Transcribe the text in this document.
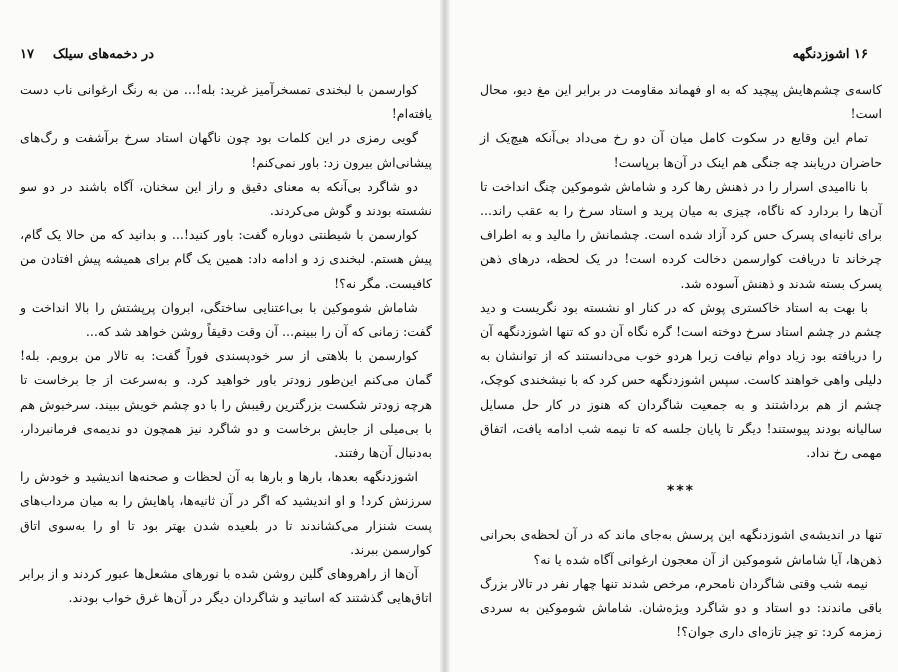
در دخمه‌های سیلک
۱۷

کوارسمن با لبخندی تمسخرآمیز غرید: بله!... من به رنگ ارغوانی ناب دست یافته‌ام!

گویی رمزی در این کلمات بود چون ناگهان استاد سرخ برآشفت و رگ‌های پیشانی‌اش بیرون زد: باور نمی‌کنم!

دو شاگرد بی‌آنکه به معنای دقیق و راز این سخنان، آگاه باشند در دو سو نشسته بودند و گوش می‌کردند.

کوارسمن با شیطنتی دوباره گفت: باور کنید!... و بدانید که من حالا یک گام، پیش هستم. لبخندی زد و ادامه داد: همین یک گام برای همیشه پیش افتادن من کافیست. مگر نه؟!

شاماش شوموکین با بی‌اعتنایی ساختگی، ابروان پرپشتش را بالا انداخت و گفت: زمانی که آن را ببینم... آن وقت دقیقاً روشن خواهد شد که...

کوارسمن با بلاهتی از سر خودپسندی فوراً گفت: به تالار من برویم. بله! گمان می‌کنم این‌طور زودتر باور خواهید کرد. و به‌سرعت از جا برخاست تا هرچه زودتر شکست بزرگترین رقیبش را با دو چشم خویش ببیند. سرخبوش هم با بی‌میلی از جایش برخاست و دو شاگرد نیز همچون دو ندیمه‌ی فرمانبردار، به‌دنبال آن‌ها رفتند.

اشوزدنگهه بعدها، بارها و بارها به آن لحظات و صحنه‌ها اندیشید و خودش را سرزنش کرد! و او اندیشید که اگر در آن ثانیه‌ها، پاهایش را به میان مرداب‌های پست شنزار می‌کشاندند تا در بلعیده شدن بهتر بود تا او را به‌سوی اتاق کوارسمن ببرند.

آن‌ها از راهروهای گلین روشن شده با نورهای مشعل‌ها عبور کردند و از برابر اتاق‌هایی گذشتند که اساتید و شاگردان دیگر در آن‌ها غرق خواب بودند.

۱۶ اشوزدنگهه

کاسه‌ی چشم‌هایش پیچید که به او فهماند مقاومت در برابر این مغ دیو، محال است!

تمام این وقایع در سکوت کامل میان آن دو رخ می‌داد بی‌آنکه هیچ‌یک از حاضران دریابند چه جنگی هم اینک در آن‌ها برپاست!

با ناامیدی اسرار را در ذهنش رها کرد و شاماش شوموکین چنگ انداخت تا آن‌ها را بردارد که ناگاه، چیزی به میان پرید و استاد سرخ را به عقب راند... برای ثانیه‌ای پسرک حس کرد آزاد شده است. چشمانش را مالید و به اطراف چرخاند تا دریافت کوارسمن دخالت کرده است! در یک لحظه، درهای ذهن پسرک بسته شدند و ذهنش آسوده شد.

با بهت به استاد خاکستری پوش که در کنار او نشسته بود نگریست و دید چشم در چشم استاد سرخ دوخته است! گره نگاه آن دو که تنها اشوزدنگهه آن را دریافته بود زیاد دوام نیافت زیرا هردو خوب می‌دانستند که از توانشان به دلیلی واهی خواهند کاست. سپس اشوزدنگهه حس کرد که با نیشخندی کوچک، چشم از هم برداشتند و به جمعیت شاگردان که هنوز در کار حل مسایل سالیانه بودند پیوستند! دیگر تا پایان جلسه که تا نیمه شب ادامه یافت، اتفاق مهمی رخ نداد.

***

تنها در اندیشه‌ی اشوزدنگهه این پرسش به‌جای ماند که در آن لحظه‌ی بحرانی ذهن‌ها، آیا شاماش شوموکین از آن معجون ارغوانی آگاه شده یا نه؟

نیمه شب وقتی شاگردان نامحرم، مرخص شدند تنها چهار نفر در تالار بزرگ باقی ماندند: دو استاد و دو شاگرد ویژه‌شان. شاماش شوموکین به سردی زمزمه کرد: تو چیز تازه‌ای داری جوان؟!
